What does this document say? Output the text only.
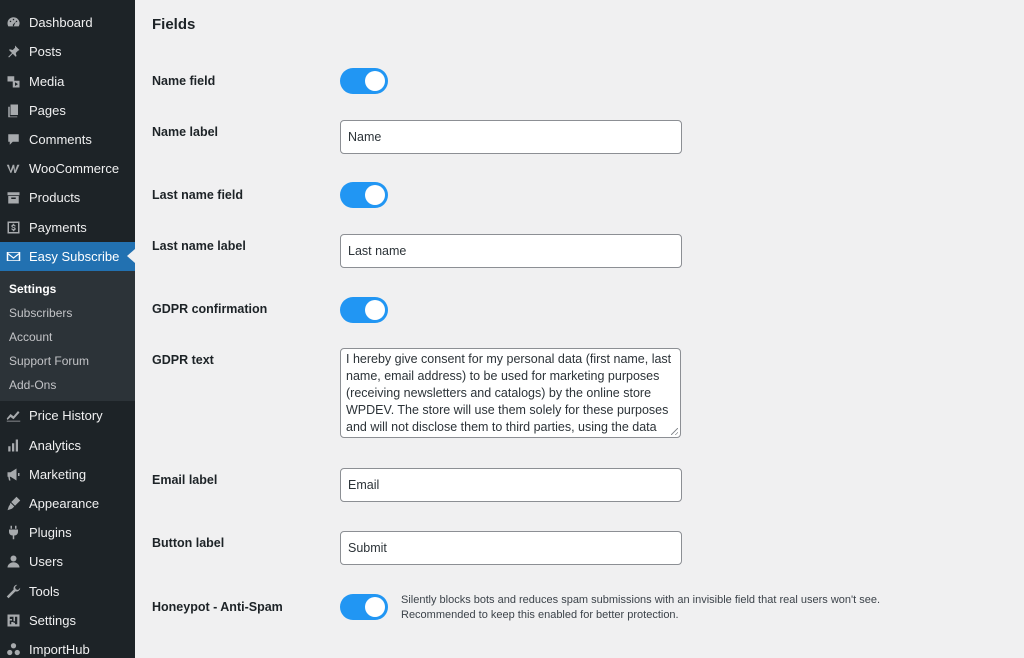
Dashboard
Posts
Media
Pages
Comments
WooCommerce
Products
Payments
Easy Subscribe
Settings
Subscribers
Account
Support Forum
Add-Ons
Price History
Analytics
Marketing
Appearance
Plugins
Users
Tools
Settings
ImportHub
Fields
Name field
Name label
Name
Last name field
Last name label
Last name
GDPR confirmation
GDPR text	I hereby give consent for my personal data (first name, last name, email address) to be used for marketing purposes (receiving newsletters and catalogs) by the online store WPDEV. The store will use them solely for these purposes and will not disclose them to third parties, using the data
Email label
Email
Button label
Submit
Honeypot - Anti-Spam	Silently blocks bots and reduces spam submissions with an invisible field that real users won't see.
Recommended to keep this enabled for better protection.
